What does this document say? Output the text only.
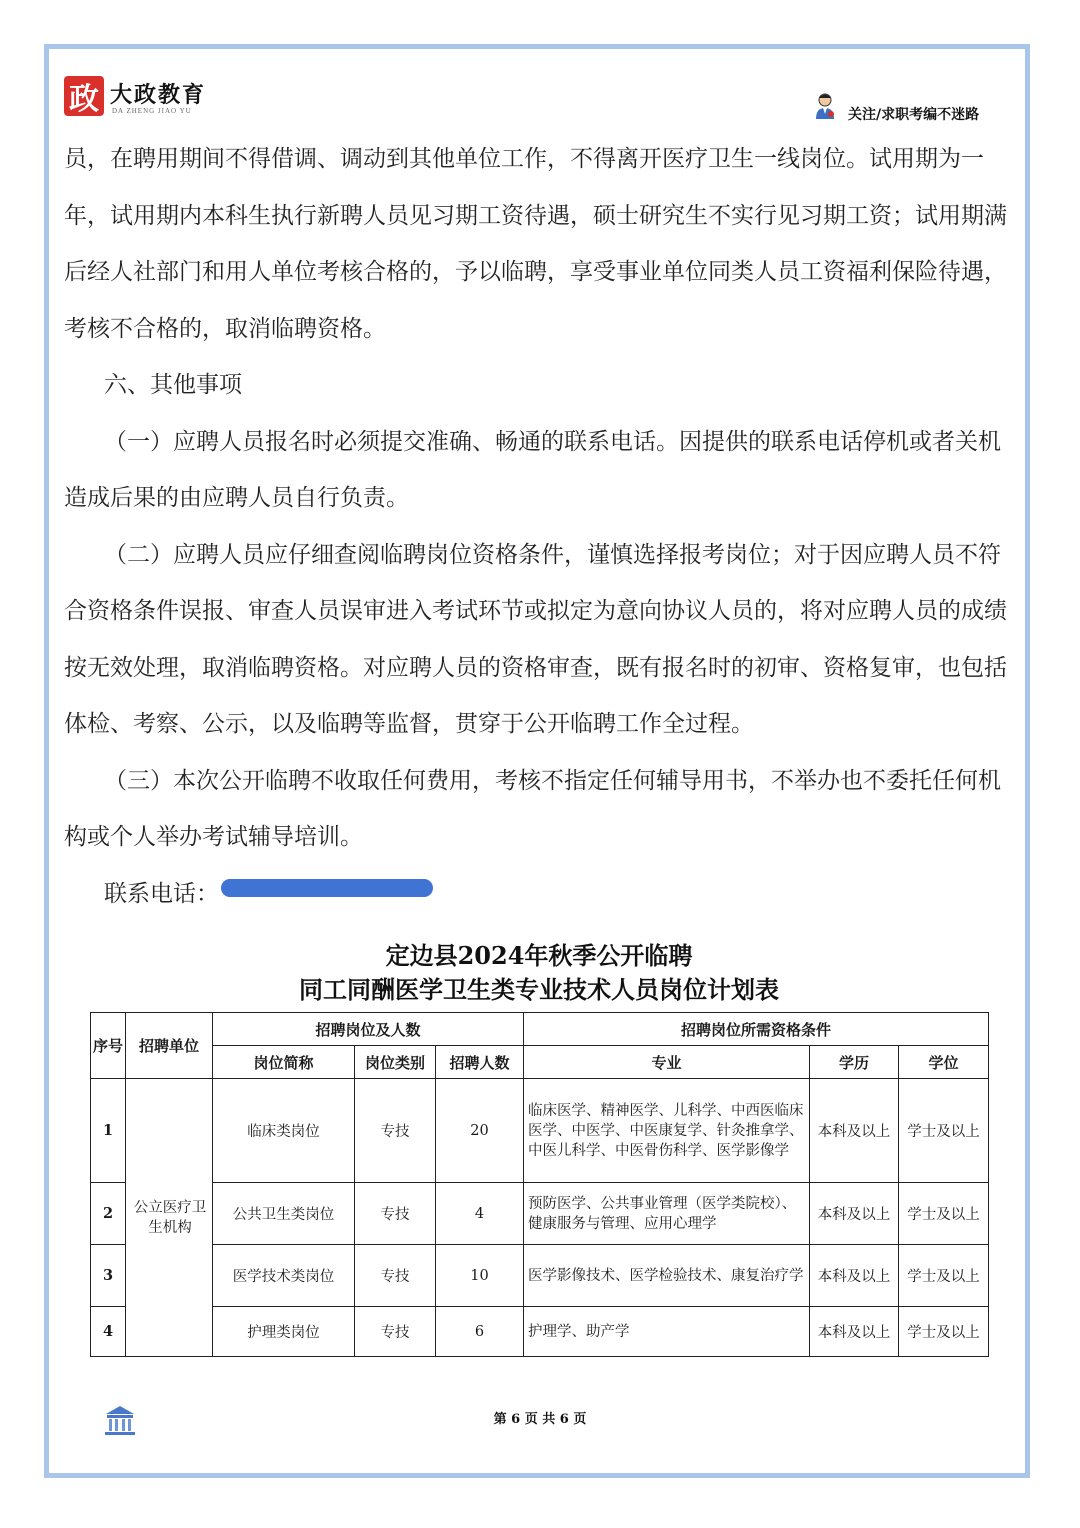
政 大政教育
DA ZHENG JIAO YU	关注/求职考编不迷路

员，在聘用期间不得借调、调动到其他单位工作，不得离开医疗卫生一线岗位。试用期为一年，试用期内本科生执行新聘人员见习期工资待遇，硕士研究生不实行见习期工资；试用期满后经人社部门和用人单位考核合格的，予以临聘，享受事业单位同类人员工资福利保险待遇，考核不合格的，取消临聘资格。

六、其他事项

（一）应聘人员报名时必须提交准确、畅通的联系电话。因提供的联系电话停机或者关机造成后果的由应聘人员自行负责。

（二）应聘人员应仔细查阅临聘岗位资格条件，谨慎选择报考岗位；对于因应聘人员不符合资格条件误报、审查人员误审进入考试环节或拟定为意向协议人员的，将对应聘人员的成绩按无效处理，取消临聘资格。对应聘人员的资格审查，既有报名时的初审、资格复审，也包括体检、考察、公示，以及临聘等监督，贯穿于公开临聘工作全过程。

（三）本次公开临聘不收取任何费用，考核不指定任何辅导用书，不举办也不委托任何机构或个人举办考试辅导培训。

联系电话：

定边县2024年秋季公开临聘
同工同酬医学卫生类专业技术人员岗位计划表
序号	招聘单位	招聘岗位及人数			招聘岗位所需资格条件		
		岗位简称	岗位类别	招聘人数	专业	学历	学位
1	公立医疗卫生机构	临床类岗位	专技	20	临床医学、精神医学、儿科学、中西医临床医学、中医学、中医康复学、针灸推拿学、中医儿科学、中医骨伤科学、医学影像学	本科及以上	学士及以上
2		公共卫生类岗位	专技	4	预防医学、公共事业管理（医学类院校）、健康服务与管理、应用心理学	本科及以上	学士及以上
3		医学技术类岗位	专技	10	医学影像技术、医学检验技术、康复治疗学	本科及以上	学士及以上
4		护理类岗位	专技	6	护理学、助产学	本科及以上	学士及以上
第 6 页 共 6 页
